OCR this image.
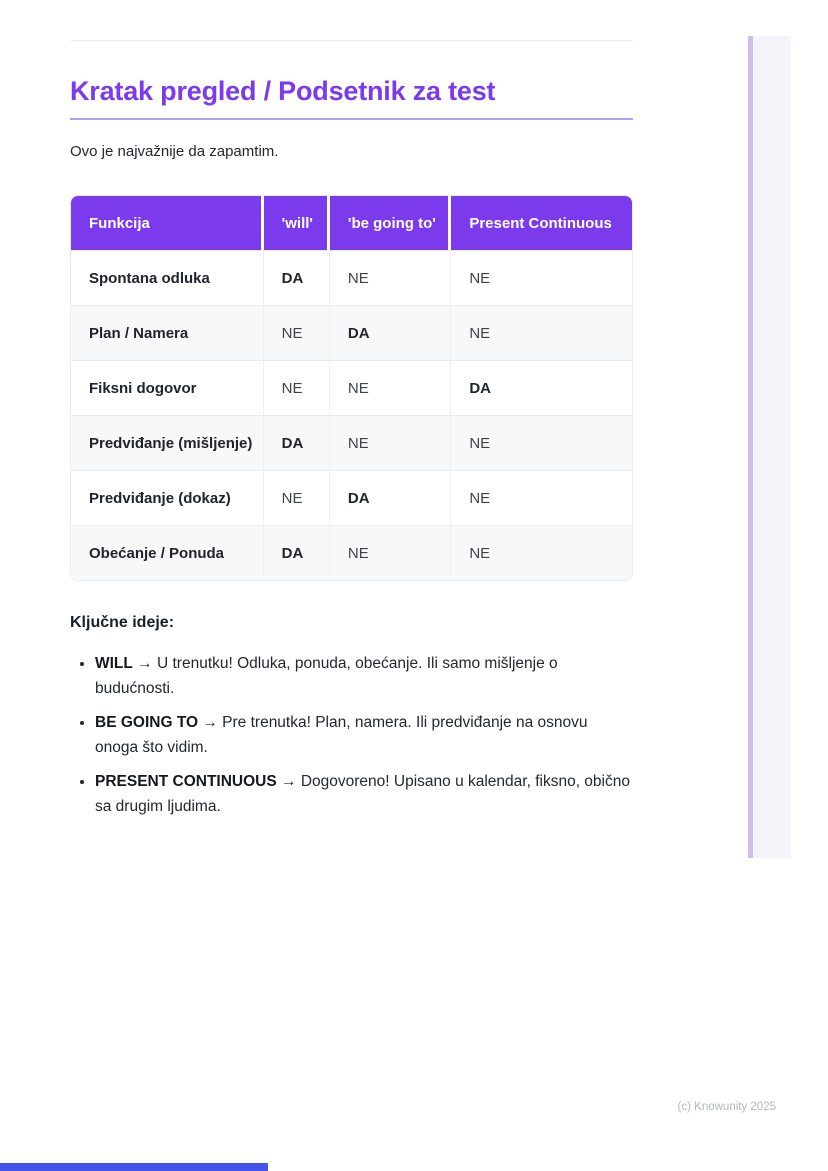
Kratak pregled / Podsetnik za test

Ovo je najvažnije da zapamtim.

Funkcija	'will'	'be going to'	Present Continuous
Spontana odluka	DA	NE	NE
Plan / Namera	NE	DA	NE
Fiksni dogovor	NE	NE	DA
Predviđanje (mišljenje)	DA	NE	NE
Predviđanje (dokaz)	NE	DA	NE
Obećanje / Ponuda	DA	NE	NE
Ključne ideje:
• WILL → U trenutku! Odluka, ponuda, obećanje. Ili samo mišljenje o budućnosti.
• BE GOING TO → Pre trenutka! Plan, namera. Ili predviđanje na osnovu onoga što vidim.
• PRESENT CONTINUOUS → Dogovoreno! Upisano u kalendar, fiksno, obično sa drugim ljudima.
(c) Knowunity 2025
